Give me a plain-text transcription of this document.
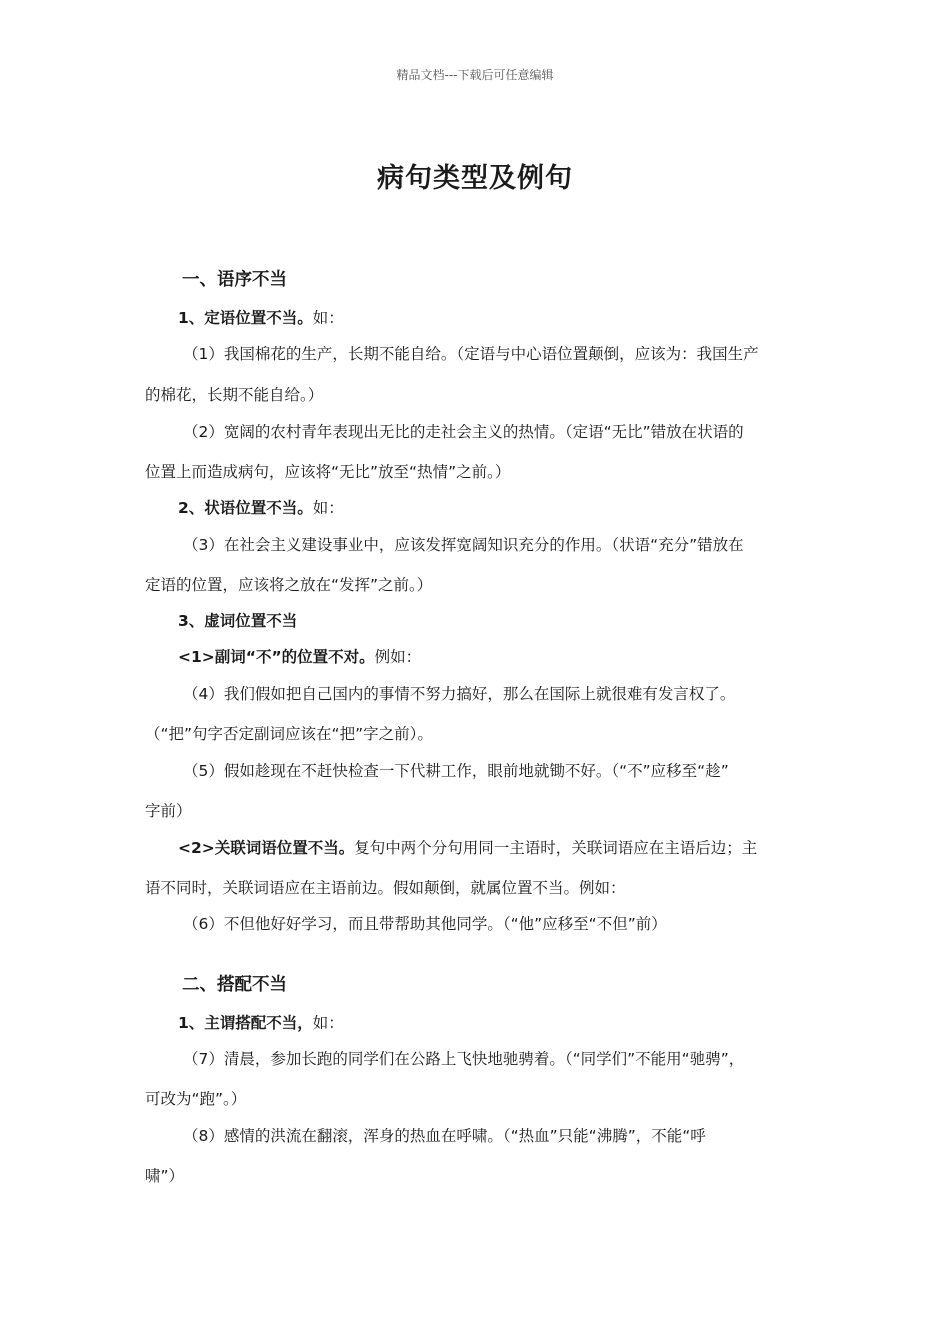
精品文档---下载后可任意编辑
病句类型及例句
一、语序不当
1、定语位置不当。如：
（1）我国棉花的生产，长期不能自给。（定语与中心语位置颠倒，应该为：我国生产
的棉花，长期不能自给。）
（2）宽阔的农村青年表现出无比的走社会主义的热情。（定语“无比”错放在状语的
位置上而造成病句，应该将“无比”放至“热情”之前。）
2、状语位置不当。如：
（3）在社会主义建设事业中，应该发挥宽阔知识充分的作用。（状语“充分”错放在
定语的位置，应该将之放在“发挥”之前。）
3、虚词位置不当
<1>副词“不”的位置不对。例如：
（4）我们假如把自己国内的事情不努力搞好，那么在国际上就很难有发言权了。
（“把”句字否定副词应该在“把”字之前）。
（5）假如趁现在不赶快检查一下代耕工作，眼前地就锄不好。（“不”应移至“趁”
字前）
<2>关联词语位置不当。复句中两个分句用同一主语时，关联词语应在主语后边；主
语不同时，关联词语应在主语前边。假如颠倒，就属位置不当。例如：
（6）不但他好好学习，而且带帮助其他同学。（“他”应移至“不但”前）
二、搭配不当
1、主谓搭配不当，如：
（7）清晨，参加长跑的同学们在公路上飞快地驰骋着。（“同学们”不能用“驰骋”，
可改为“跑”。）
（8）感情的洪流在翻滚，浑身的热血在呼啸。（“热血”只能“沸腾”，不能“呼
啸”）
